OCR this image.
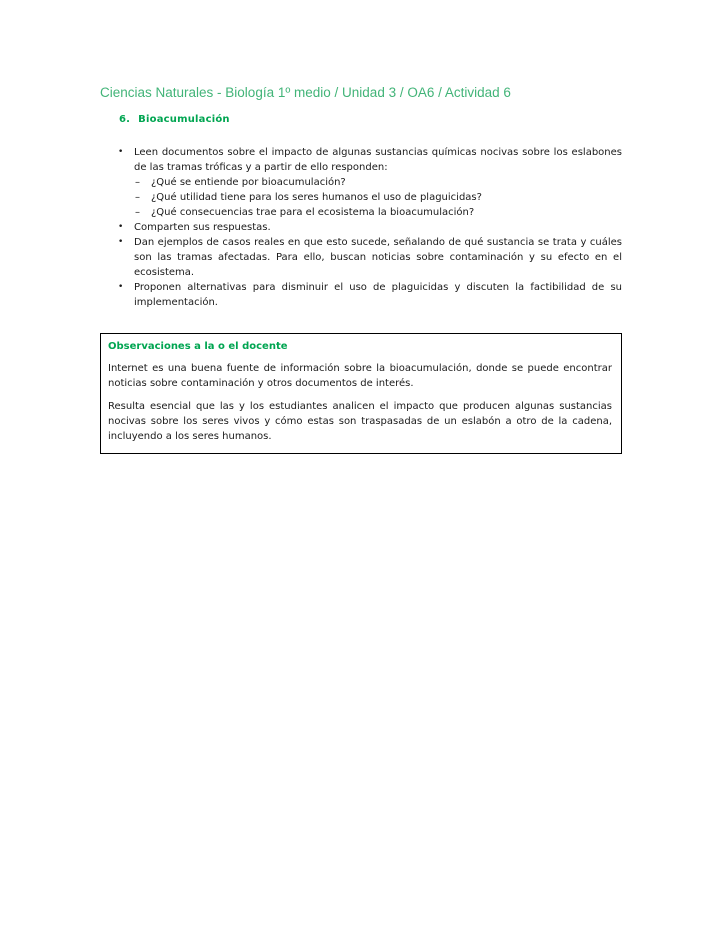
Ciencias Naturales - Biología 1º medio / Unidad 3 / OA6 / Actividad 6
6. Bioacumulación
•	Leen documentos sobre el impacto de algunas sustancias químicas nocivas sobre los eslabones de las tramas tróficas y a partir de ello responden:
–	¿Qué se entiende por bioacumulación?
–	¿Qué utilidad tiene para los seres humanos el uso de plaguicidas?
–	¿Qué consecuencias trae para el ecosistema la bioacumulación?
•	Comparten sus respuestas.
•	Dan ejemplos de casos reales en que esto sucede, señalando de qué sustancia se trata y cuáles son las tramas afectadas. Para ello, buscan noticias sobre contaminación y su efecto en el ecosistema.
•	Proponen alternativas para disminuir el uso de plaguicidas y discuten la factibilidad de su implementación.
Observaciones a la o el docente

Internet es una buena fuente de información sobre la bioacumulación, donde se puede encontrar noticias sobre contaminación y otros documentos de interés.

Resulta esencial que las y los estudiantes analicen el impacto que producen algunas sustancias nocivas sobre los seres vivos y cómo estas son traspasadas de un eslabón a otro de la cadena, incluyendo a los seres humanos.
